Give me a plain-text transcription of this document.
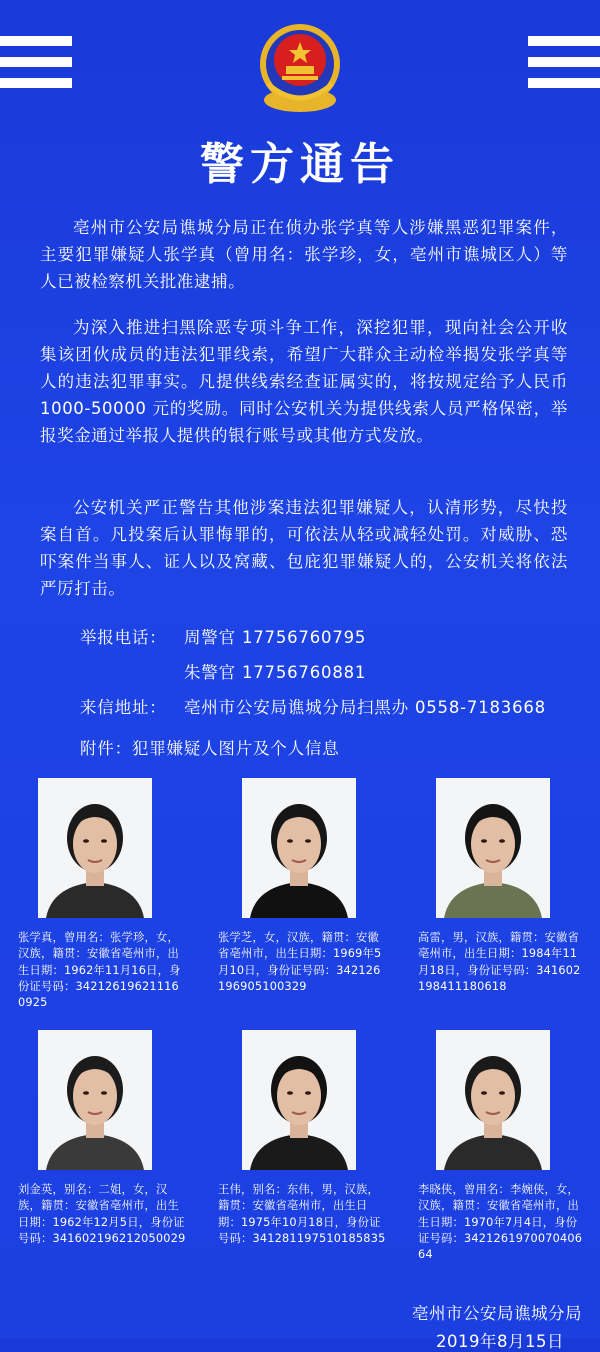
警方通告

亳州市公安局谯城分局正在侦办张学真等人涉嫌黑恶犯罪案件，主要犯罪嫌疑人张学真（曾用名：张学珍，女，亳州市谯城区人）等人已被检察机关批准逮捕。

为深入推进扫黑除恶专项斗争工作，深挖犯罪，现向社会公开收集该团伙成员的违法犯罪线索，希望广大群众主动检举揭发张学真等人的违法犯罪事实。凡提供线索经查证属实的，将按规定给予人民币 1000-50000 元的奖励。同时公安机关为提供线索人员严格保密，举报奖金通过举报人提供的银行账号或其他方式发放。

公安机关严正警告其他涉案违法犯罪嫌疑人，认清形势，尽快投案自首。凡投案后认罪悔罪的，可依法从轻或减轻处罚。对威胁、恐吓案件当事人、证人以及窝藏、包庇犯罪嫌疑人的，公安机关将依法严厉打击。

举报电话： 周警官 17756760795
朱警官 17756760881
来信地址： 亳州市公安局谯城分局扫黑办 0558-7183668
附件：犯罪嫌疑人图片及个人信息
张学真，曾用名：张学珍，女，汉族，籍贯：安徽省亳州市，出生日期：1962年11月16日，身份证号码：342126196211160925
张学芝，女，汉族，籍贯：安徽省亳州市，出生日期：1969年5月10日，身份证号码：342126196905100329
高雷，男，汉族，籍贯：安徽省亳州市，出生日期：1984年11月18日，身份证号码：341602198411180618
刘金英，别名：二姐，女，汉族，籍贯：安徽省亳州市，出生日期：1962年12月5日，身份证号码：341602196212050029
王伟，别名：东伟，男，汉族，籍贯：安徽省亳州市，出生日期：1975年10月18日，身份证号码：341281197510185835
李晓侠，曾用名：李婉侠，女，汉族，籍贯：安徽省亳州市，出生日期：1970年7月4日，身份证号码：342126197007040664
亳州市公安局谯城分局
2019年8月15日
